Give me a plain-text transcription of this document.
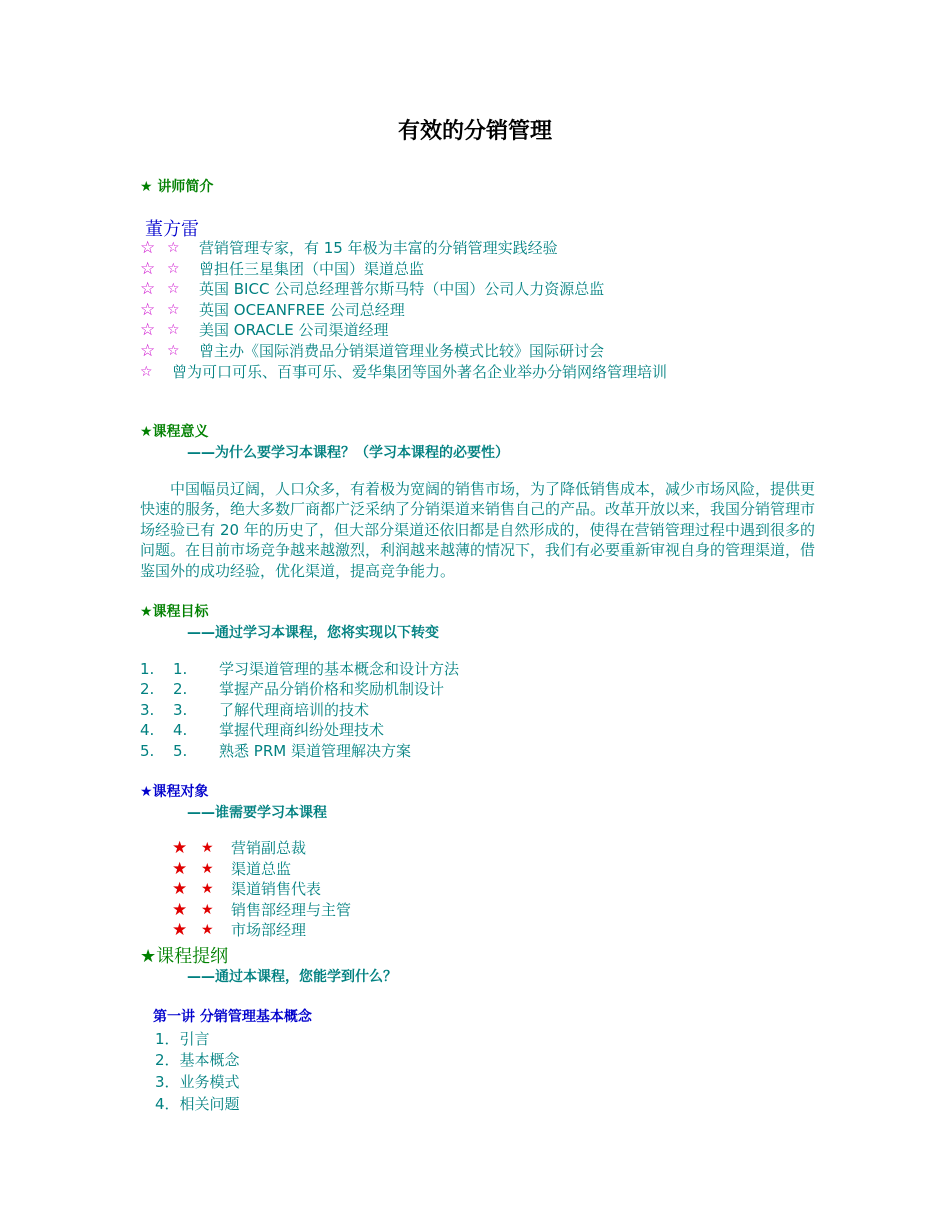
有效的分销管理
★ 讲师简介
董方雷
☆ ☆ 营销管理专家，有 15 年极为丰富的分销管理实践经验
☆ ☆ 曾担任三星集团（中国）渠道总监
☆ ☆ 英国 BICC 公司总经理普尔斯马特（中国）公司人力资源总监
☆ ☆ 英国 OCEANFREE 公司总经理
☆ ☆ 美国 ORACLE 公司渠道经理
☆ ☆ 曾主办《国际消费品分销渠道管理业务模式比较》国际研讨会
☆ 曾为可口可乐、百事可乐、爱华集团等国外著名企业举办分销网络管理培训
★课程意义
——为什么要学习本课程？（学习本课程的必要性）
中国幅员辽阔，人口众多，有着极为宽阔的销售市场，为了降低销售成本，减少市场风险，提供更快速的服务，绝大多数厂商都广泛采纳了分销渠道来销售自己的产品。改革开放以来，我国分销管理市场经验已有 20 年的历史了，但大部分渠道还依旧都是自然形成的，使得在营销管理过程中遇到很多的问题。在目前市场竞争越来越激烈，利润越来越薄的情况下，我们有必要重新审视自身的管理渠道，借鉴国外的成功经验，优化渠道，提高竞争能力。
★课程目标
——通过学习本课程，您将实现以下转变
1. 1. 学习渠道管理的基本概念和设计方法
2. 2. 掌握产品分销价格和奖励机制设计
3. 3. 了解代理商培训的技术
4. 4. 掌握代理商纠纷处理技术
5. 5. 熟悉 PRM 渠道管理解决方案
★课程对象
——谁需要学习本课程
★ ★ 营销副总裁
★ ★ 渠道总监
★ ★ 渠道销售代表
★ ★ 销售部经理与主管
★ ★ 市场部经理
★课程提纲
——通过本课程，您能学到什么？
第一讲 分销管理基本概念
1．引言
2．基本概念
3．业务模式
4．相关问题
